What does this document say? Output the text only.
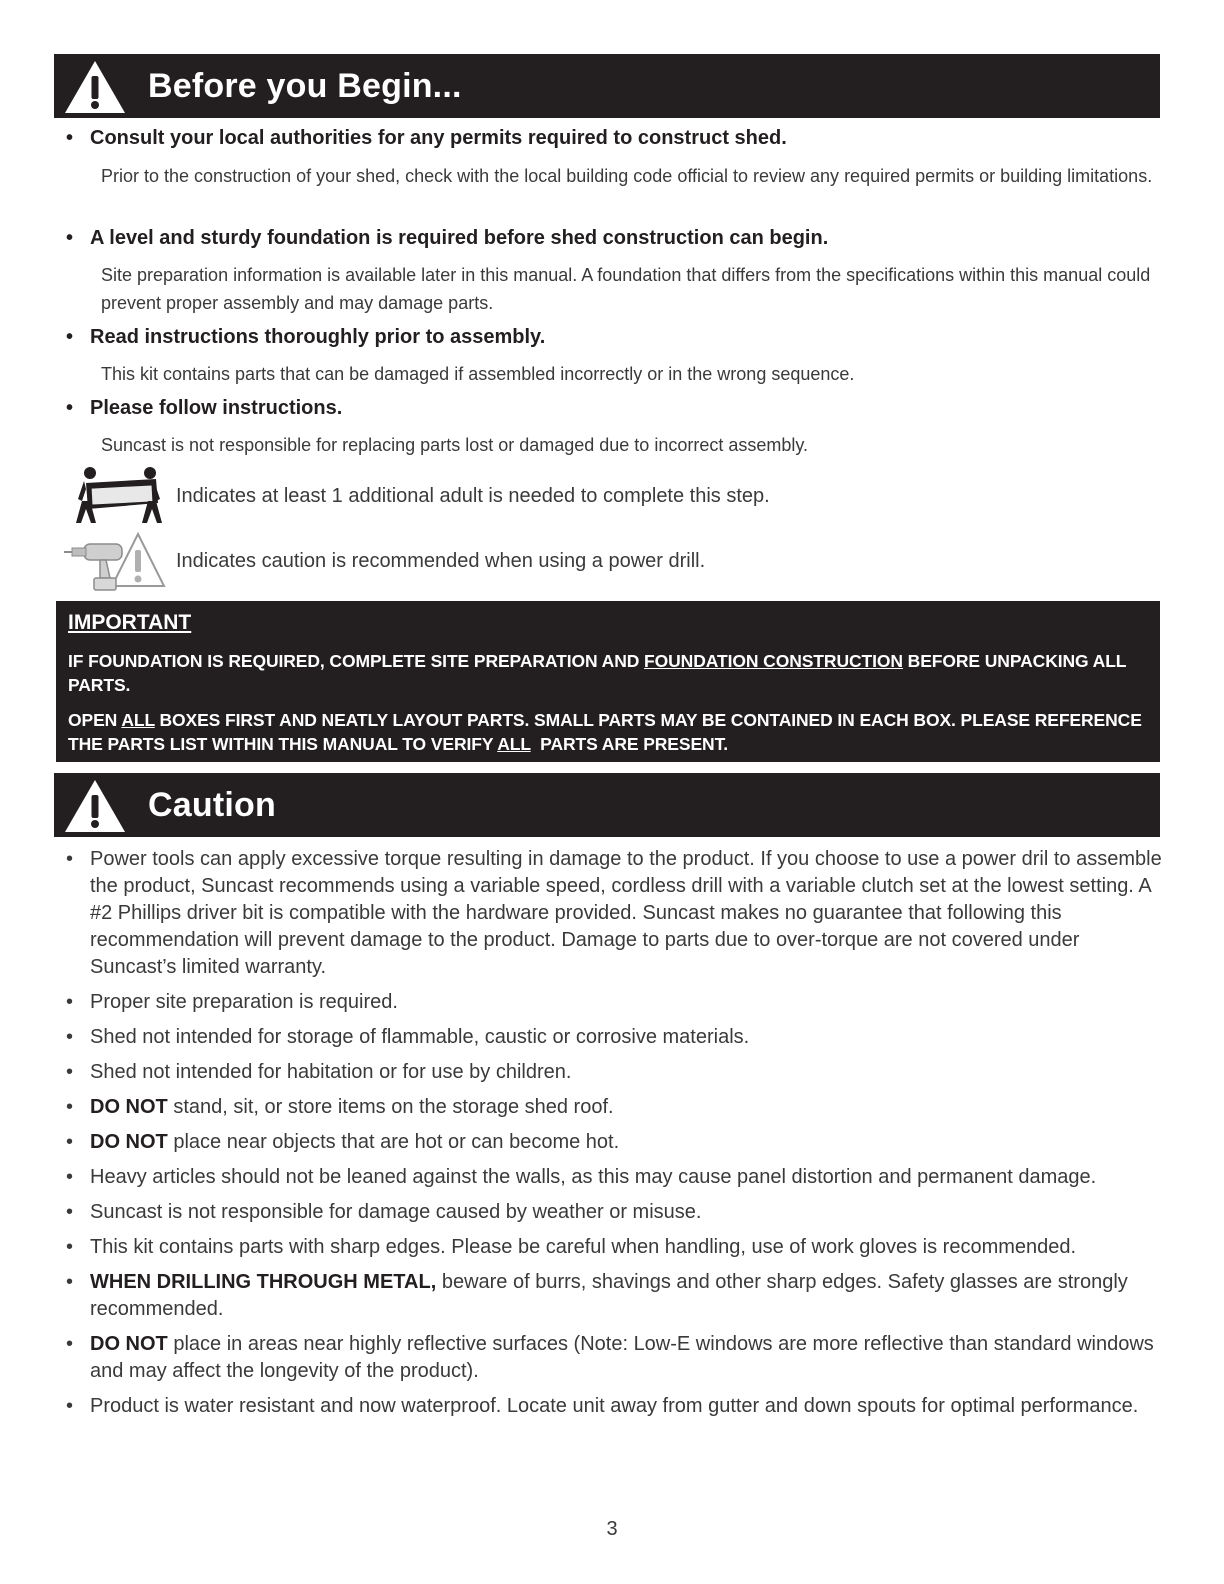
Before you Begin...
• Consult your local authorities for any permits required to construct shed.
Prior to the construction of your shed, check with the local building code official to review any required permits or building limitations.
• A level and sturdy foundation is required before shed construction can begin.
Site preparation information is available later in this manual. A foundation that differs from the specifications within this manual could prevent proper assembly and may damage parts.
• Read instructions thoroughly prior to assembly.
This kit contains parts that can be damaged if assembled incorrectly or in the wrong sequence.
• Please follow instructions.
Suncast is not responsible for replacing parts lost or damaged due to incorrect assembly.
Indicates at least 1 additional adult is needed to complete this step.
Indicates caution is recommended when using a power drill.
IMPORTANT
IF FOUNDATION IS REQUIRED, COMPLETE SITE PREPARATION AND FOUNDATION CONSTRUCTION BEFORE UNPACKING ALL PARTS.
OPEN ALL BOXES FIRST AND NEATLY LAYOUT PARTS. SMALL PARTS MAY BE CONTAINED IN EACH BOX. PLEASE REFERENCE THE PARTS LIST WITHIN THIS MANUAL TO VERIFY ALL  PARTS ARE PRESENT.
Caution
• Power tools can apply excessive torque resulting in damage to the product. If you choose to use a power dril to assemble the product, Suncast recommends using a variable speed, cordless drill with a variable clutch set at the lowest setting. A #2 Phillips driver bit is compatible with the hardware provided. Suncast makes no guarantee that following this recommendation will prevent damage to the product. Damage to parts due to over-torque are not covered under Suncast’s limited warranty.
• Proper site preparation is required.
• Shed not intended for storage of flammable, caustic or corrosive materials.
• Shed not intended for habitation or for use by children.
• DO NOT stand, sit, or store items on the storage shed roof.
• DO NOT place near objects that are hot or can become hot.
• Heavy articles should not be leaned against the walls, as this may cause panel distortion and permanent damage.
• Suncast is not responsible for damage caused by weather or misuse.
• This kit contains parts with sharp edges. Please be careful when handling, use of work gloves is recommended.
• WHEN DRILLING THROUGH METAL, beware of burrs, shavings and other sharp edges. Safety glasses are strongly recommended.
• DO NOT place in areas near highly reflective surfaces (Note: Low-E windows are more reflective than standard windows and may affect the longevity of the product).
• Product is water resistant and now waterproof. Locate unit away from gutter and down spouts for optimal performance.
3
